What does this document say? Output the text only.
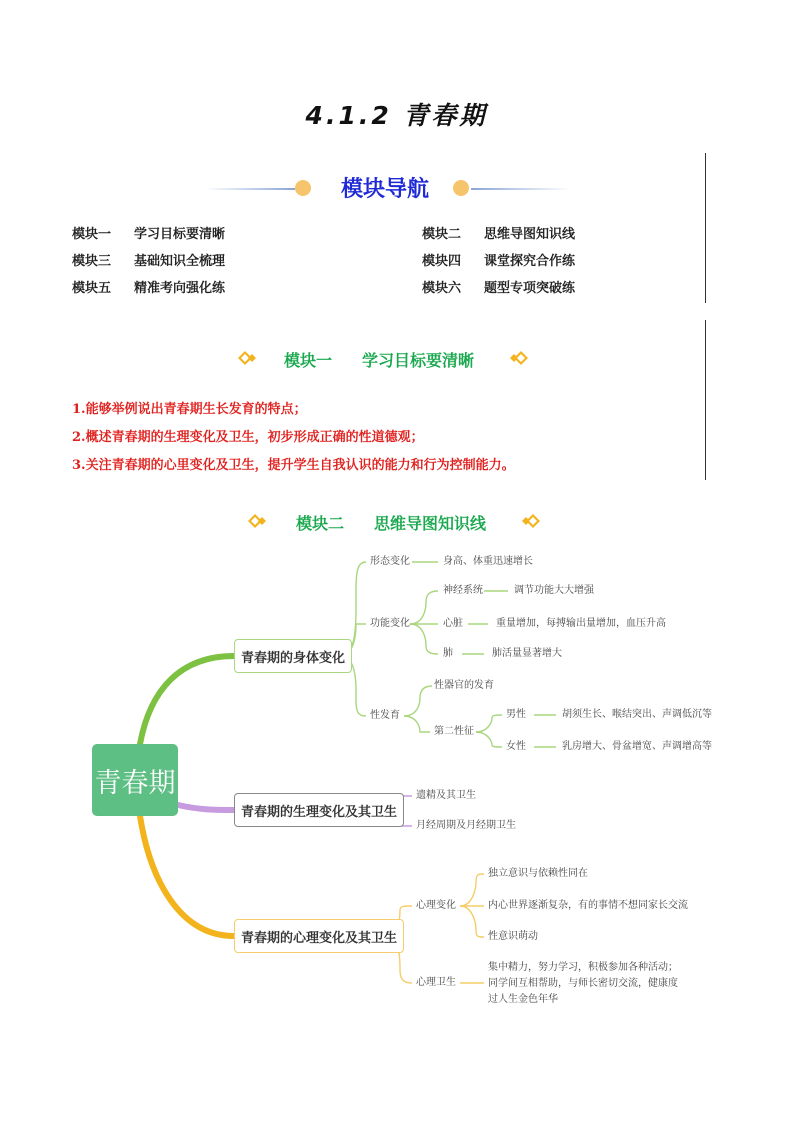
4.1.2 青春期
模块导航
模块一 学习目标要清晰	模块二 思维导图知识线
模块三 基础知识全梳理	模块四 课堂探究合作练
模块五 精准考向强化练	模块六 题型专项突破练
模块一 学习目标要清晰
1.能够举例说出青春期生长发育的特点；
2.概述青春期的生理变化及卫生，初步形成正确的性道德观；
3.关注青春期的心里变化及卫生，提升学生自我认识的能力和行为控制能力。
模块二 思维导图知识线
青春期
青春期的身体变化
青春期的生理变化及其卫生
青春期的心理变化及其卫生
形态变化	身高、体重迅速增长
功能变化
神经系统	调节功能大大增强
心脏	重量增加，每搏输出量增加，血压升高
肺	肺活量显著增大
性发育
性器官的发育
第二性征
男性	胡须生长、喉结突出、声调低沉等
女性	乳房增大、骨盆增宽、声调增高等
遗精及其卫生
月经周期及月经期卫生
心理变化
独立意识与依赖性同在
内心世界逐渐复杂，有的事情不想同家长交流
性意识萌动
心理卫生
集中精力，努力学习，积极参加各种活动；同学间互相帮助，与师长密切交流，健康度过人生金色年华
